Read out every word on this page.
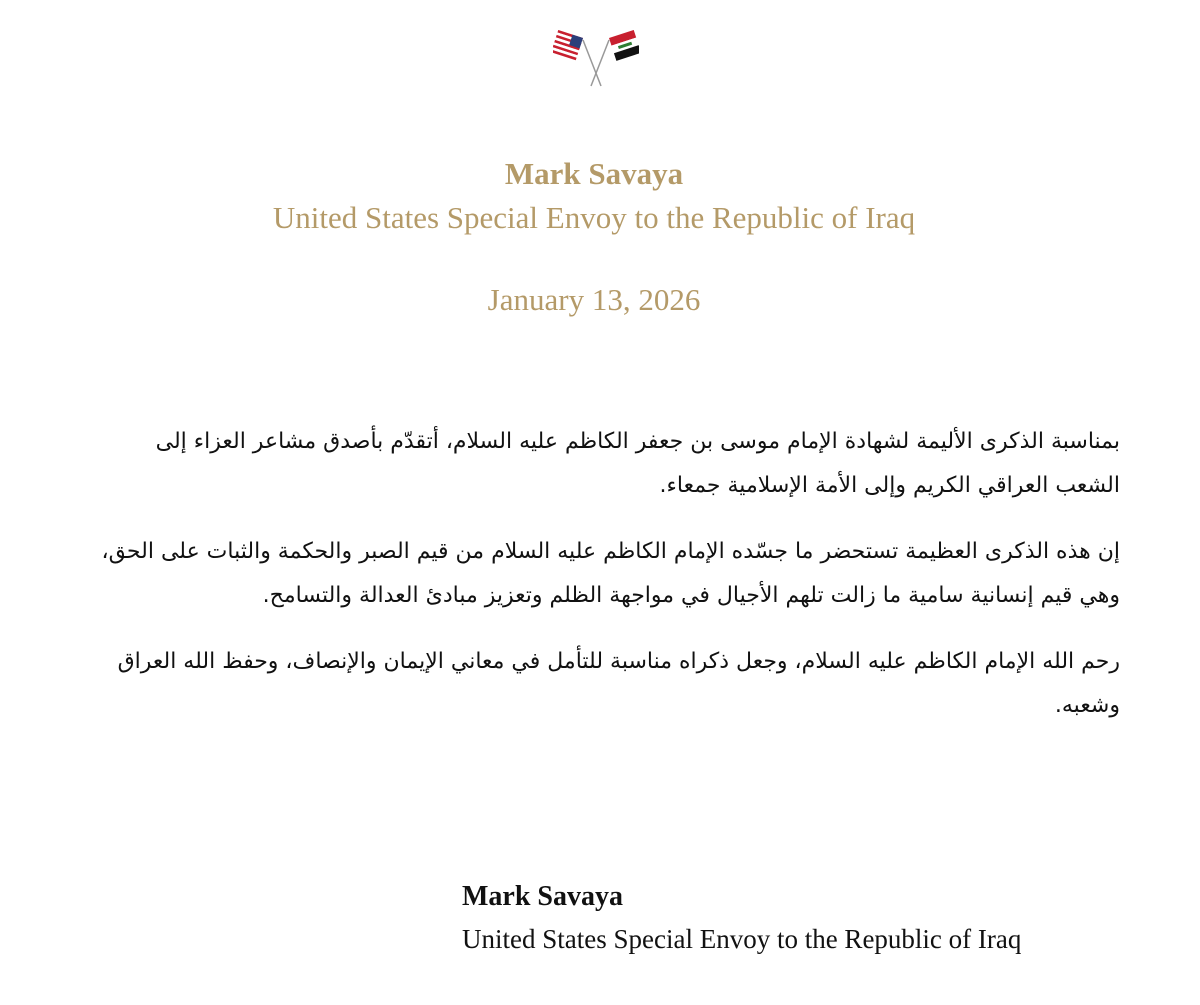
Mark Savaya
United States Special Envoy to the Republic of Iraq
January 13, 2026

بمناسبة الذكرى الأليمة لشهادة الإمام موسى بن جعفر الكاظم عليه السلام، أتقدّم بأصدق مشاعر العزاء إلى الشعب العراقي الكريم وإلى الأمة الإسلامية جمعاء.

إن هذه الذكرى العظيمة تستحضر ما جسّده الإمام الكاظم عليه السلام من قيم الصبر والحكمة والثبات على الحق، وهي قيم إنسانية سامية ما زالت تلهم الأجيال في مواجهة الظلم وتعزيز مبادئ العدالة والتسامح.

رحم الله الإمام الكاظم عليه السلام، وجعل ذكراه مناسبة للتأمل في معاني الإيمان والإنصاف، وحفظ الله العراق وشعبه.

Mark Savaya
United States Special Envoy to the Republic of Iraq
